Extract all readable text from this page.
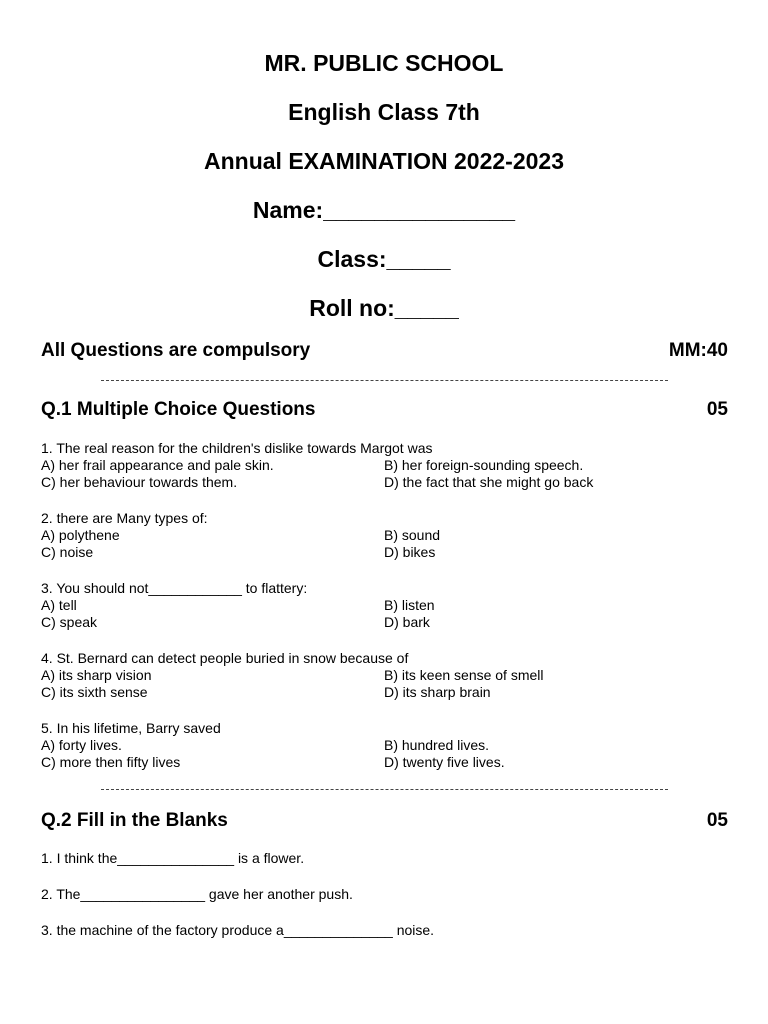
MR. PUBLIC SCHOOL
English Class 7th
Annual EXAMINATION 2022-2023
Name:_______________
Class:_____
Roll no:_____
All Questions are compulsory	MM:40
Q.1 Multiple Choice Questions	05
1. The real reason for the children's dislike towards Margot was
A) her frail appearance and pale skin.	B) her foreign-sounding speech.
C) her behaviour towards them.	D) the fact that she might go back
2. there are Many types of:
A) polythene	B) sound
C) noise	D) bikes
3. You should not____________ to flattery:
A) tell	B) listen
C) speak	D) bark
4. St. Bernard can detect people buried in snow because of
A) its sharp vision	B) its keen sense of smell
C) its sixth sense	D) its sharp brain
5. In his lifetime, Barry saved
A) forty lives.	B) hundred lives.
C) more then fifty lives	D) twenty five lives.
Q.2 Fill in the Blanks	05
1. I think the_______________ is a flower.
2. The________________ gave her another push.
3. the machine of the factory produce a______________ noise.
